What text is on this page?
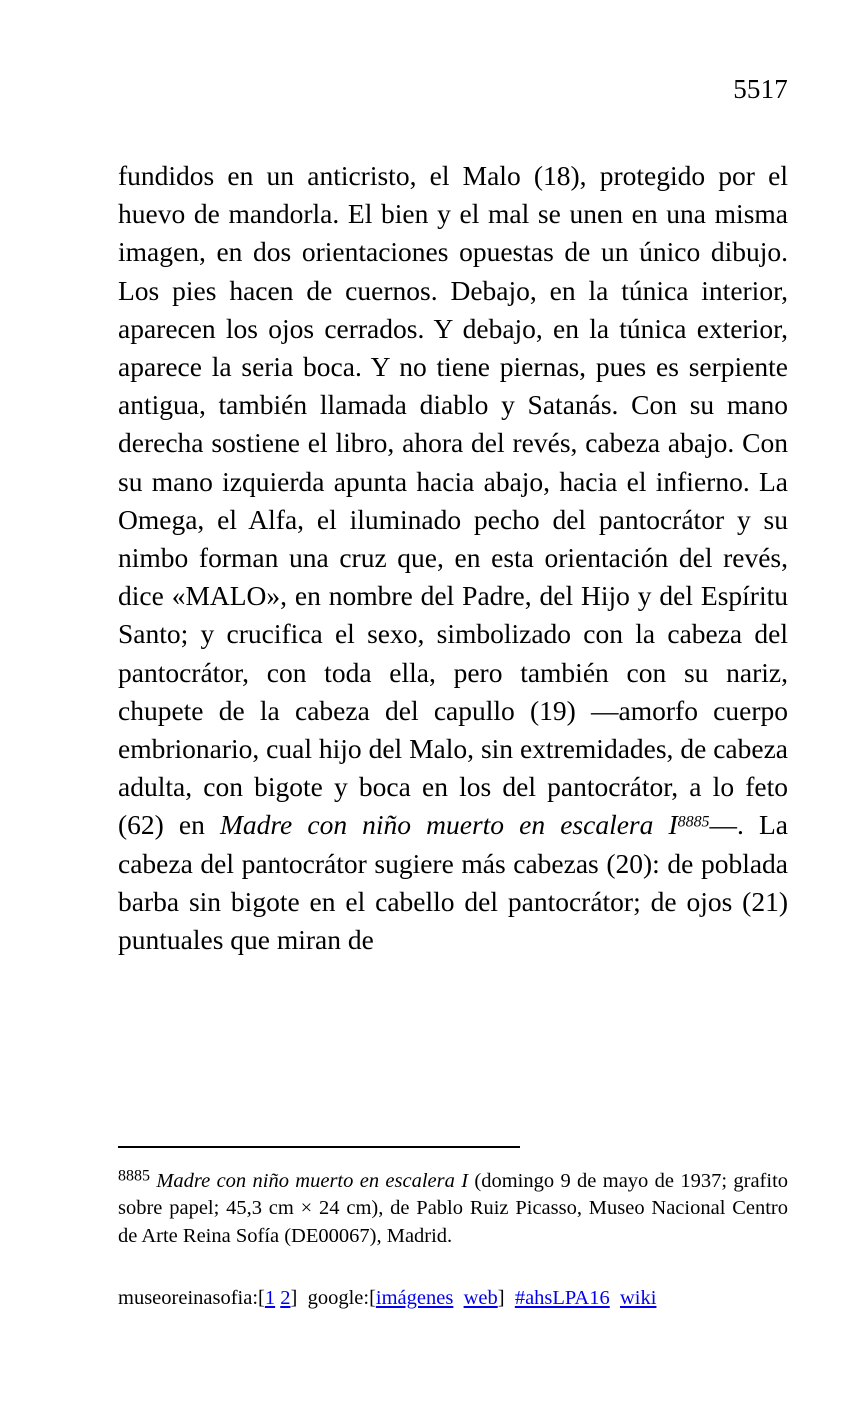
5517

fundidos en un anticristo, el Malo (18), protegido por el huevo de mandorla. El bien y el mal se unen en una misma imagen, en dos orientaciones opuestas de un único dibujo. Los pies hacen de cuernos. Debajo, en la túnica interior, aparecen los ojos cerrados. Y debajo, en la túnica exterior, aparece la seria boca. Y no tiene piernas, pues es serpiente antigua, también llamada diablo y Satanás. Con su mano derecha sostiene el libro, ahora del revés, cabeza abajo. Con su mano izquierda apunta hacia abajo, hacia el infierno. La Omega, el Alfa, el iluminado pecho del pantocrátor y su nimbo forman una cruz que, en esta orientación del revés, dice «MALO», en nombre del Padre, del Hijo y del Espíritu Santo; y crucifica el sexo, simbolizado con la cabeza del pantocrátor, con toda ella, pero también con su nariz, chupete de la cabeza del capullo (19) —amorfo cuerpo embrionario, cual hijo del Malo, sin extremidades, de cabeza adulta, con bigote y boca en los del pantocrátor, a lo feto (62) en Madre con niño muerto en escalera $I^{8885}—$. La cabeza del pantocrátor sugiere más cabezas (20): de poblada barba sin bigote en el cabello del pantocrátor; de ojos (21) puntuales que miran de

$^{8885}$ Madre con niño muerto en escalera I (domingo 9 de mayo de 1937; grafito sobre papel; 45,3 cm × 24 cm), de Pablo Ruiz Picasso, Museo Nacional Centro de Arte Reina Sofía (DE00067), Madrid.

museoreinasofia:[1 2] google:[imágenes web] #ahsLPA16 wiki
